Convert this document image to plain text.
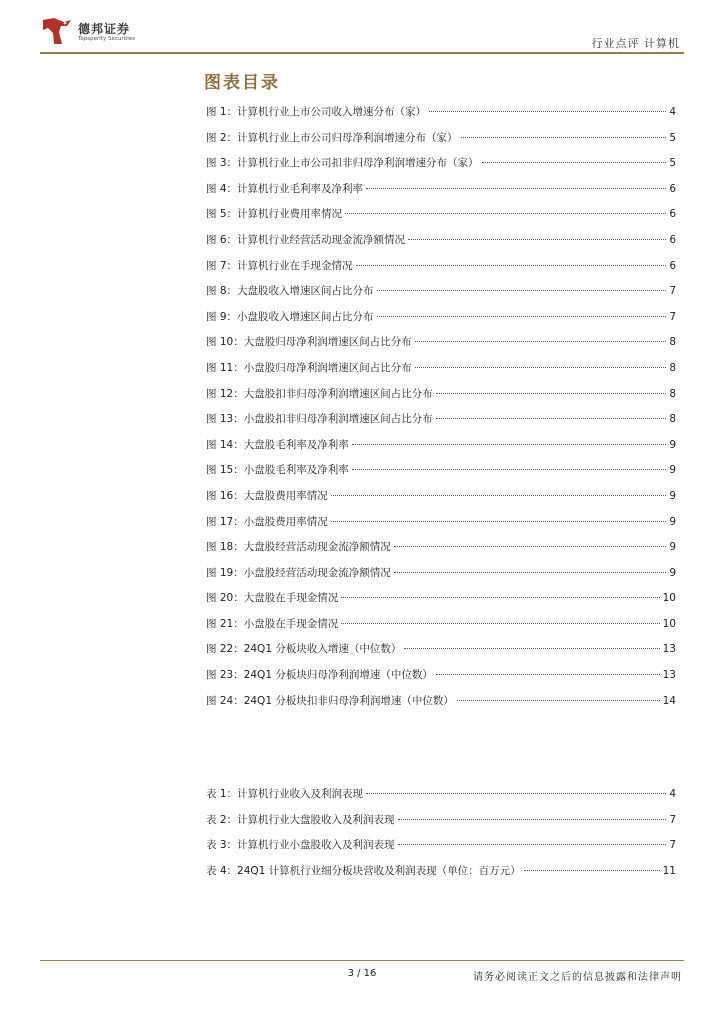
德邦证券
Topsperity Securities	行业点评 计算机
图表目录
图 1：计算机行业上市公司收入增速分布（家）	4
图 2：计算机行业上市公司归母净利润增速分布（家）	5
图 3：计算机行业上市公司扣非归母净利润增速分布（家）	5
图 4：计算机行业毛利率及净利率	6
图 5：计算机行业费用率情况	6
图 6：计算机行业经营活动现金流净额情况	6
图 7：计算机行业在手现金情况	6
图 8：大盘股收入增速区间占比分布	7
图 9：小盘股收入增速区间占比分布	7
图 10：大盘股归母净利润增速区间占比分布	8
图 11：小盘股归母净利润增速区间占比分布	8
图 12：大盘股扣非归母净利润增速区间占比分布	8
图 13：小盘股扣非归母净利润增速区间占比分布	8
图 14：大盘股毛利率及净利率	9
图 15：小盘股毛利率及净利率	9
图 16：大盘股费用率情况	9
图 17：小盘股费用率情况	9
图 18：大盘股经营活动现金流净额情况	9
图 19：小盘股经营活动现金流净额情况	9
图 20：大盘股在手现金情况	10
图 21：小盘股在手现金情况	10
图 22：24Q1 分板块收入增速（中位数）	13
图 23：24Q1 分板块归母净利润增速（中位数）	13
图 24：24Q1 分板块扣非归母净利润增速（中位数）	14
表 1：计算机行业收入及利润表现	4
表 2：计算机行业大盘股收入及利润表现	7
表 3：计算机行业小盘股收入及利润表现	7
表 4：24Q1 计算机行业细分板块营收及利润表现（单位：百万元）	11
3 / 16	请务必阅读正文之后的信息披露和法律声明
